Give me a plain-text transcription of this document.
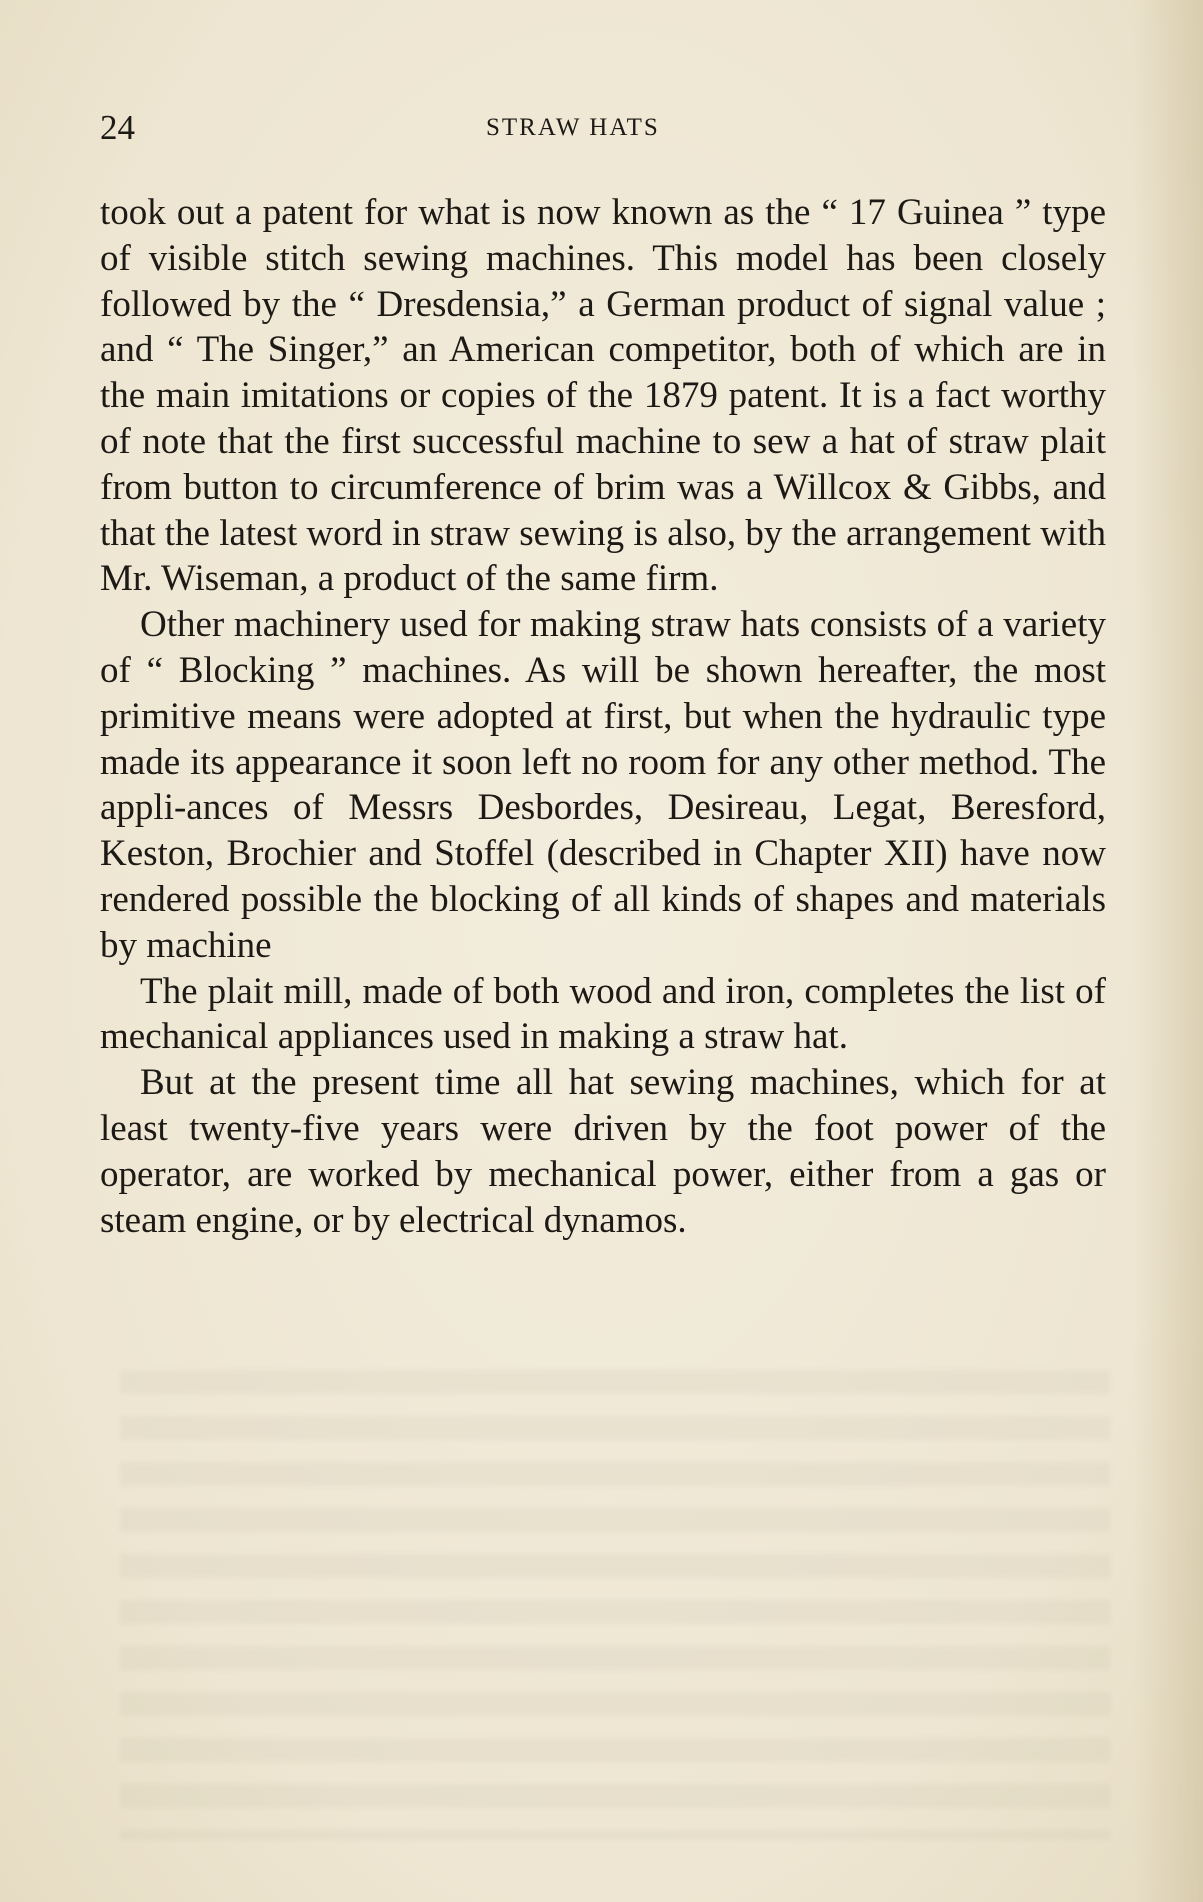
24	STRAW HATS

took out a patent for what is now known as the “ 17 Guinea ” type of visible stitch sewing machines. This model has been closely followed by the “ Dresdensia,” a German product of signal value ; and “ The Singer,” an American competitor, both of which are in the main imitations or copies of the 1879 patent. It is a fact worthy of note that the first successful machine to sew a hat of straw plait from button to circumference of brim was a Willcox & Gibbs, and that the latest word in straw sewing is also, by the arrangement with Mr. Wiseman, a product of the same firm.

Other machinery used for making straw hats consists of a variety of “ Blocking ” machines. As will be shown hereafter, the most primitive means were adopted at first, but when the hydraulic type made its appearance it soon left no room for any other method. The appli-ances of Messrs Desbordes, Desireau, Legat, Beresford, Keston, Brochier and Stoffel (described in Chapter XII) have now rendered possible the blocking of all kinds of shapes and materials by machine

The plait mill, made of both wood and iron, completes the list of mechanical appliances used in making a straw hat.

But at the present time all hat sewing machines, which for at least twenty-five years were driven by the foot power of the operator, are worked by mechanical power, either from a gas or steam engine, or by electrical dynamos.
